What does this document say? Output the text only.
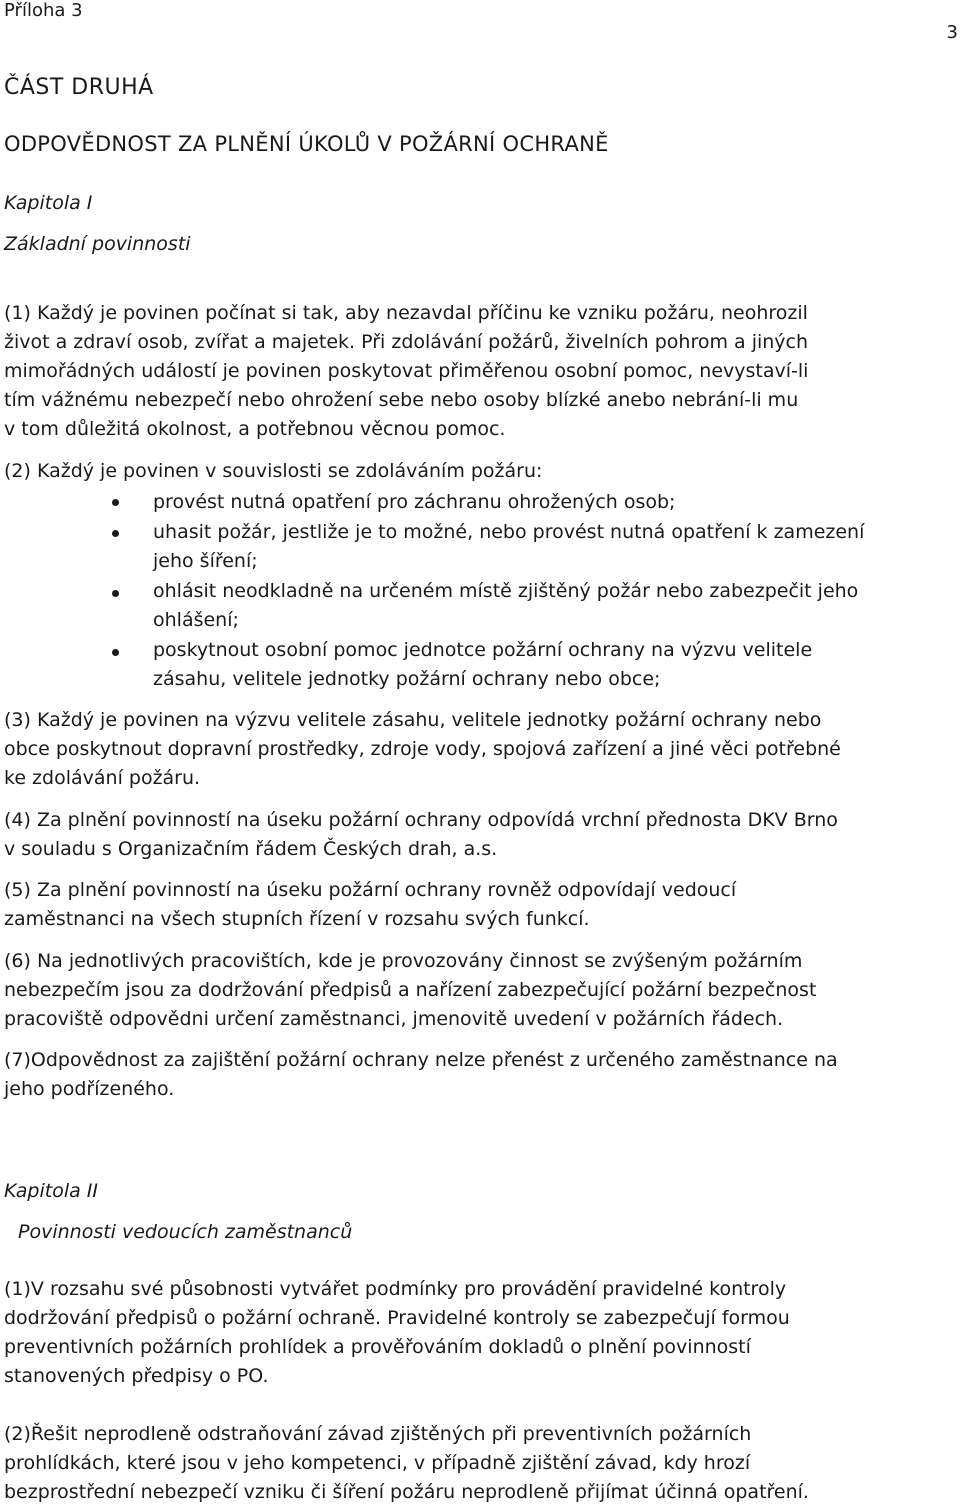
Příloha 3
3
ČÁST DRUHÁ
ODPOVĚDNOST ZA PLNĚNÍ ÚKOLŮ V POŽÁRNÍ OCHRANĚ
Kapitola I
Základní povinnosti
(1) Každý je povinen počínat si tak, aby nezavdal příčinu ke vzniku požáru, neohrozil
život a zdraví osob, zvířat a majetek. Při zdolávání požárů, živelních pohrom a jiných
mimořádných událostí je povinen poskytovat přiměřenou osobní pomoc, nevystaví-li
tím vážnému nebezpečí nebo ohrožení sebe nebo osoby blízké anebo nebrání-li mu
v tom důležitá okolnost, a potřebnou věcnou pomoc.
(2) Každý je povinen v souvislosti se zdoláváním požáru:
provést nutná opatření pro záchranu ohrožených osob;
uhasit požár, jestliže je to možné, nebo provést nutná opatření k zamezení
jeho šíření;
ohlásit neodkladně na určeném místě zjištěný požár nebo zabezpečit jeho
ohlášení;
poskytnout osobní pomoc jednotce požární ochrany na výzvu velitele
zásahu, velitele jednotky požární ochrany nebo obce;
(3) Každý je povinen na výzvu velitele zásahu, velitele jednotky požární ochrany nebo
obce poskytnout dopravní prostředky, zdroje vody, spojová zařízení a jiné věci potřebné
ke zdolávání požáru.
(4) Za plnění povinností na úseku požární ochrany odpovídá vrchní přednosta DKV Brno
v souladu s Organizačním řádem Českých drah, a.s.
(5) Za plnění povinností na úseku požární ochrany rovněž odpovídají vedoucí
zaměstnanci na všech stupních řízení v rozsahu svých funkcí.
(6) Na jednotlivých pracovištích, kde je provozovány činnost se zvýšeným požárním
nebezpečím jsou za dodržování předpisů a nařízení zabezpečující požární bezpečnost
pracoviště odpovědni určení zaměstnanci, jmenovitě uvedení v požárních řádech.
(7)Odpovědnost za zajištění požární ochrany nelze přenést z určeného zaměstnance na
jeho podřízeného.
Kapitola II
Povinnosti vedoucích zaměstnanců
(1)V rozsahu své působnosti vytvářet podmínky pro provádění pravidelné kontroly
dodržování předpisů o požární ochraně. Pravidelné kontroly se zabezpečují formou
preventivních požárních prohlídek a prověřováním dokladů o plnění povinností
stanovených předpisy o PO.
(2)Řešit neprodleně odstraňování závad zjištěných při preventivních požárních
prohlídkách, které jsou v jeho kompetenci, v případně zjištění závad, kdy hrozí
bezprostřední nebezpečí vzniku či šíření požáru neprodleně přijímat účinná opatření.
